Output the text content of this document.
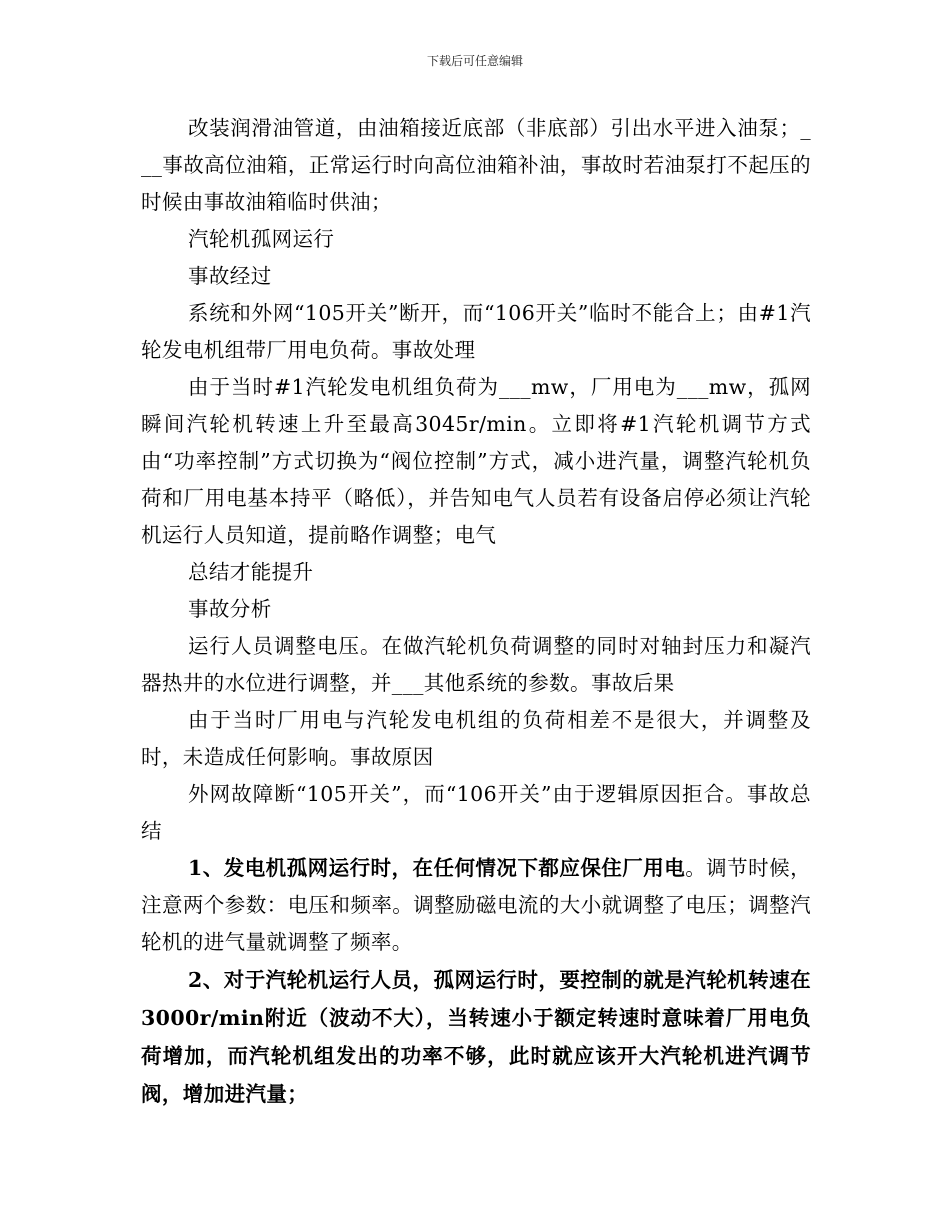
下载后可任意编辑

改装润滑油管道，由油箱接近底部（非底部）引出水平进入油泵；___事故高位油箱，正常运行时向高位油箱补油，事故时若油泵打不起压的时候由事故油箱临时供油；

汽轮机孤网运行

事故经过

系统和外网“105开关”断开，而“106开关”临时不能合上；由#1汽轮发电机组带厂用电负荷。事故处理

由于当时#1汽轮发电机组负荷为___mw，厂用电为___mw，孤网瞬间汽轮机转速上升至最高3045r/min。立即将#1汽轮机调节方式由“功率控制”方式切换为“阀位控制”方式，减小进汽量，调整汽轮机负荷和厂用电基本持平（略低），并告知电气人员若有设备启停必须让汽轮机运行人员知道，提前略作调整；电气

总结才能提升

事故分析

运行人员调整电压。在做汽轮机负荷调整的同时对轴封压力和凝汽器热井的水位进行调整，并___其他系统的参数。事故后果

由于当时厂用电与汽轮发电机组的负荷相差不是很大，并调整及时，未造成任何影响。事故原因

外网故障断“105开关”，而“106开关”由于逻辑原因拒合。事故总结

1、发电机孤网运行时，在任何情况下都应保住厂用电。调节时候，注意两个参数：电压和频率。调整励磁电流的大小就调整了电压；调整汽轮机的进气量就调整了频率。

2、对于汽轮机运行人员，孤网运行时，要控制的就是汽轮机转速在3000r/min附近（波动不大），当转速小于额定转速时意味着厂用电负荷增加，而汽轮机组发出的功率不够，此时就应该开大汽轮机进汽调节阀，增加进汽量；
